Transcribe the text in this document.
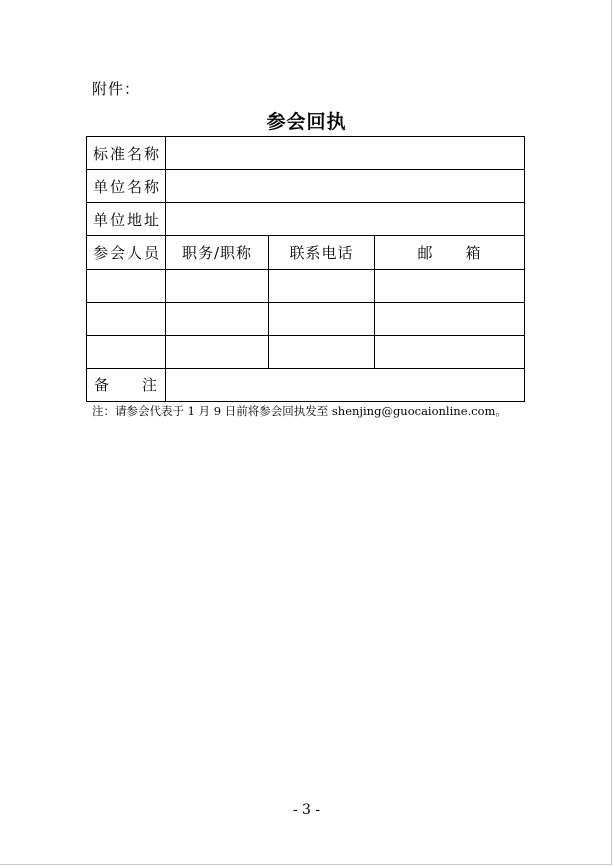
附件：
参会回执
标准名称			
单位名称			
单位地址			
参会人员	职务/职称	联系电话	邮　　箱

备　　注			
注：请参会代表于 1 月 9 日前将参会回执发至 shenjing@guocaionline.com。
- 3 -
